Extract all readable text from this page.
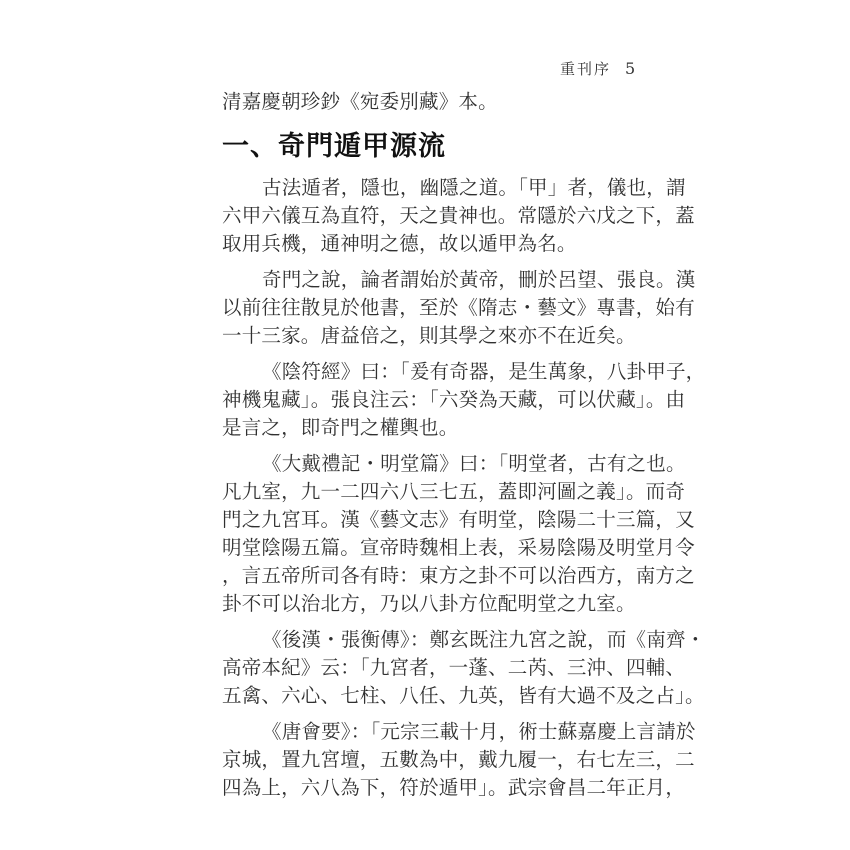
重刊序 5
清嘉慶朝珍鈔《宛委別藏》本。
一、奇門遁甲源流
古法遁者，隱也，幽隱之道。「甲」者，儀也，謂
六甲六儀互為直符，天之貴神也。常隱於六戊之下，蓋
取用兵機，通神明之德，故以遁甲為名。
奇門之說，論者謂始於黃帝，刪於呂望、張良。漢
以前往往散見於他書，至於《隋志・藝文》專書，始有
一十三家。唐益倍之，則其學之來亦不在近矣。
《陰符經》曰：「爰有奇器，是生萬象，八卦甲子，
神機鬼藏」。張良注云：「六癸為天藏，可以伏藏」。由
是言之，即奇門之權輿也。
《大戴禮記・明堂篇》曰：「明堂者，古有之也。
凡九室，九一二四六八三七五，蓋即河圖之義」。而奇
門之九宮耳。漢《藝文志》有明堂，陰陽二十三篇，又
明堂陰陽五篇。宣帝時魏相上表，采易陰陽及明堂月令
，言五帝所司各有時：東方之卦不可以治西方，南方之
卦不可以治北方，乃以八卦方位配明堂之九室。
《後漢・張衡傳》：鄭玄既注九宮之說，而《南齊・
高帝本紀》云：「九宮者，一蓬、二芮、三沖、四輔、
五禽、六心、七柱、八任、九英，皆有大過不及之占」。
《唐會要》：「元宗三載十月，術士蘇嘉慶上言請於
京城，置九宮壇，五數為中，戴九履一，右七左三，二
四為上，六八為下，符於遁甲」。武宗會昌二年正月，
